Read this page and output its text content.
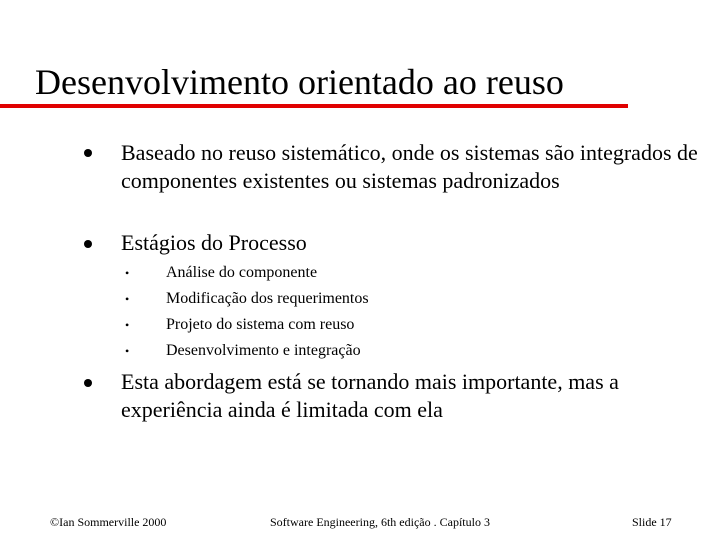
Desenvolvimento orientado ao reuso

Baseado no reuso sistemático, onde os sistemas são integrados de componentes existentes ou sistemas padronizados

Estágios do Processo

• Análise do componente

• Modificação dos requerimentos

• Projeto do sistema com reuso

• Desenvolvimento e integração

Esta abordagem está se tornando mais importante, mas a experiência ainda é limitada com ela

©Ian Sommerville 2000	Software Engineering, 6th edição . Capítulo 3	Slide 17
